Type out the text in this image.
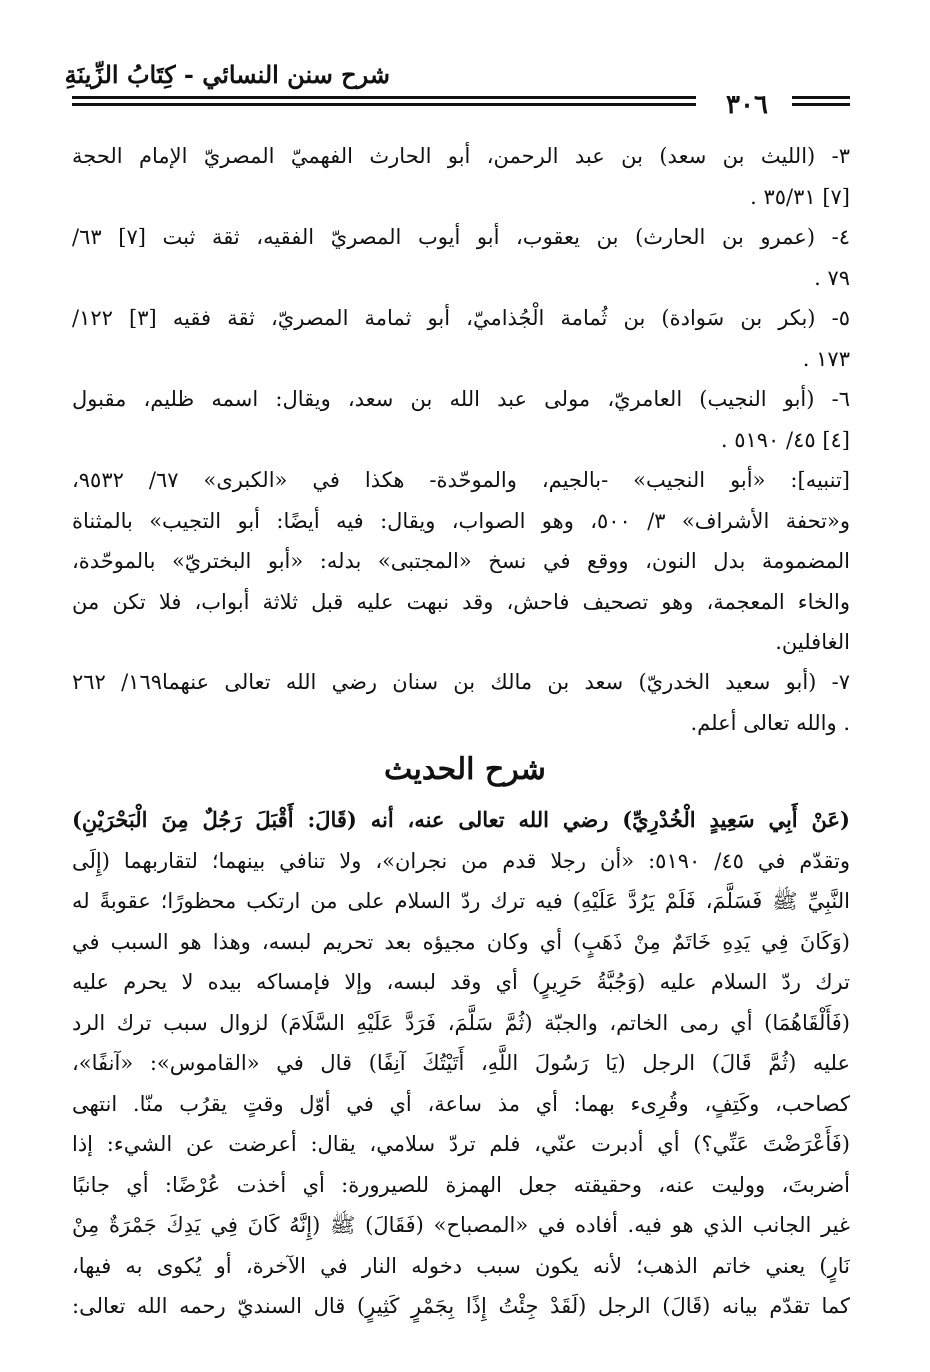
شرح سنن النسائي - كِتَابُ الزِّينَةِ
٣٠٦
٣- (الليث بن سعد) بن عبد الرحمن، أبو الحارث الفهميّ المصريّ الإمام الحجة
[٧] ٣٥/٣١ .
٤- (عمرو بن الحارث) بن يعقوب، أبو أيوب المصريّ الفقيه، ثقة ثبت [٧] ٦٣/
٧٩ .
٥- (بكر بن سَوادة) بن ثُمامة الْجُذاميّ، أبو ثمامة المصريّ، ثقة فقيه [٣] ١٢٢/
١٧٣ .
٦- (أبو النجيب) العامريّ، مولى عبد الله بن سعد، ويقال: اسمه ظليم، مقبول
[٤] ٤٥/ ٥١٩٠ .
[تنبيه]: «أبو النجيب» -بالجيم، والموحّدة- هكذا في «الكبرى» ٦٧/ ٩٥٣٢،
و«تحفة الأشراف» ٣/ ٥٠٠، وهو الصواب، ويقال: فيه أيضًا: أبو التجيب» بالمثناة
المضمومة بدل النون، ووقع في نسخ «المجتبى» بدله: «أبو البختريّ» بالموحّدة،
والخاء المعجمة، وهو تصحيف فاحش، وقد نبهت عليه قبل ثلاثة أبواب، فلا تكن من
الغافلين.
٧- (أبو سعيد الخدريّ) سعد بن مالك بن سنان رضي الله تعالى عنهما١٦٩/ ٢٦٢
. والله تعالى أعلم.
شرح الحديث
(عَنْ أَبِي سَعِيدٍ الْخُدْرِيِّ) رضي الله تعالى عنه، أنه (قَالَ: أَقْبَلَ رَجُلٌ مِنَ الْبَحْرَيْنِ)
وتقدّم في ٤٥/ ٥١٩٠: «أن رجلا قدم من نجران»، ولا تنافي بينهما؛ لتقاربهما (إِلَى
النَّبِيِّ ﷺ فَسَلَّمَ، فَلَمْ يَرُدَّ عَلَيْهِ) فيه ترك ردّ السلام على من ارتكب محظورًا؛ عقوبةً له
(وَكَانَ فِي يَدِهِ خَاتَمٌ مِنْ ذَهَبٍ) أي وكان مجيؤه بعد تحريم لبسه، وهذا هو السبب في
ترك ردّ السلام عليه (وَجُبَّةُ حَرِيرٍ) أي وقد لبسه، وإلا فإمساكه بيده لا يحرم عليه
(فَأَلْقَاهُمَا) أي رمى الخاتم، والجبّة (ثُمَّ سَلَّمَ، فَرَدَّ عَلَيْهِ السَّلَامَ) لزوال سبب ترك الرد
عليه (ثُمَّ قَالَ) الرجل (يَا رَسُولَ اللَّهِ، أَتَيْتُكَ آنِفًا) قال في «القاموس»: «آنفًا»،
كصاحب، وكَتِفٍ، وقُرِىء بهما: أي مذ ساعة، أي في أوّل وقتٍ يقرُب منّا. انتهى
(فَأَعْرَضْتَ عَنِّي؟) أي أدبرت عنّي، فلم تردّ سلامي، يقال: أعرضت عن الشيء: إذا
أضربتَ، ووليت عنه، وحقيقته جعل الهمزة للصيرورة: أي أخذت عُرْضًا: أي جانبًا
غير الجانب الذي هو فيه. أفاده في «المصباح» (فَقَالَ) ﷺ (إِنَّهُ كَانَ فِي يَدِكَ جَمْرَةٌ مِنْ
نَارٍ) يعني خاتم الذهب؛ لأنه يكون سبب دخوله النار في الآخرة، أو يُكوى به فيها،
كما تقدّم بيانه (قَالَ) الرجل (لَقَدْ جِئْتُ إِذًا بِجَمْرٍ كَثِيرٍ) قال السنديّ رحمه الله تعالى:
